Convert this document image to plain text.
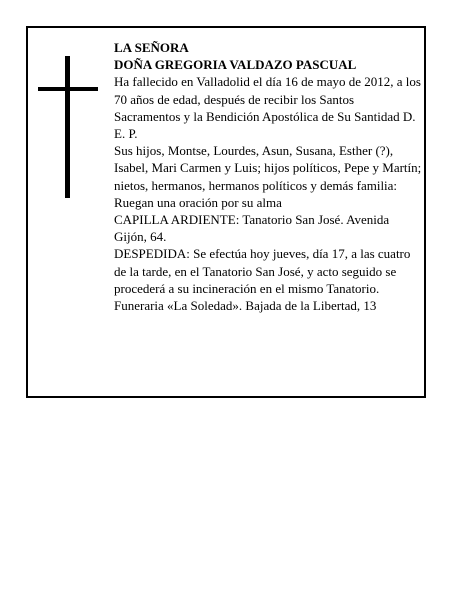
LA SEÑORA
DOÑA GREGORIA VALDAZO PASCUAL
Ha fallecido en Valladolid el día 16 de mayo de 2012, a los 70 años de edad, después de recibir los Santos Sacramentos y la Bendición Apostólica de Su Santidad D. E. P.
Sus hijos, Montse, Lourdes, Asun, Susana, Esther (?), Isabel, Mari Carmen y Luis; hijos políticos, Pepe y Martín; nietos, hermanos, hermanos políticos y demás familia:
Ruegan una oración por su alma
CAPILLA ARDIENTE: Tanatorio San José. Avenida Gijón, 64.
DESPEDIDA: Se efectúa hoy jueves, día 17, a las cuatro de la tarde, en el Tanatorio San José, y acto seguido se procederá a su incineración en el mismo Tanatorio.
Funeraria «La Soledad». Bajada de la Libertad, 13
